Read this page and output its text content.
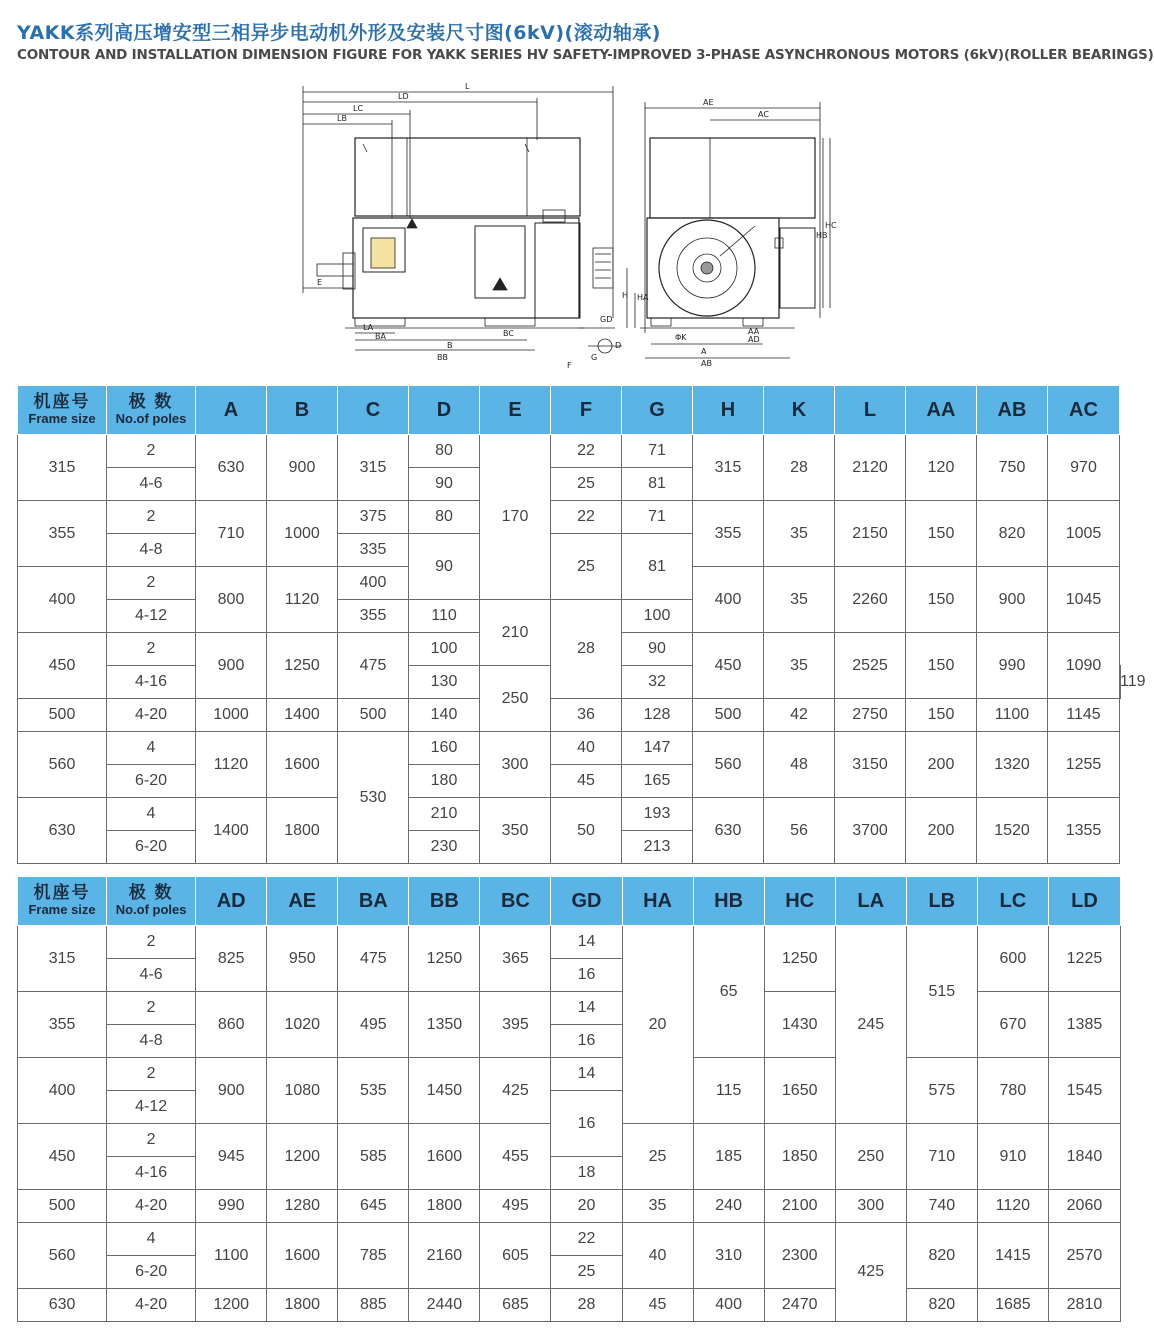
YAKK系列高压增安型三相异步电动机外形及安装尺寸图(6kV)(滚动轴承)
CONTOUR AND INSTALLATION DIMENSION FIGURE FOR YAKK SERIES HV SAFETY-IMPROVED 3-PHASE ASYNCHRONOUS MOTORS (6kV)(ROLLER BEARINGS)
L
LD
LC
LB
E
LA
BA
B
BB
BC
GD
D
G
F
AE
AC
H HA
ΦK
AA
AD
A
AB
HB
HC
机座号
Frame size	极 数
No.of poles	A	B	C	D	E	F	G	H	K	L	AA	AB	AC	
315	2	630	900	315	80	170	22	71	315	28	2120	120	750	970	
	4-6				90		25	81							
355	2	710	1000	375	80		22	71	355	35	2150	150	820	1005	
	4-8			335	90		25	81							
400	2	800	1120	400					400	35	2260	150	900	1045	
	4-12			355	110	210	28	100							
450	2	900	1250	475	100			90	450	35	2525	150	990	1090	
	4-16				130	250		32							119
500	4-20	1000	1400	500	140		36	128	500	42	2750	150	1100	1145	
560	4	1120	1600	530	160	300	40	147	560	48	3150	200	1320	1255	
	6-20				180		45	165							
630	4	1400	1800		210	350	50	193	630	56	3700	200	1520	1355	
	6-20				230			213							
机座号
Frame size	极 数
No.of poles	AD	AE	BA	BB	BC	GD	HA	HB	HC	LA	LB	LC	LD
315	2	825	950	475	1250	365	14	20	65	1250	245	515	600	1225
	4-6						16							
355	2	860	1020	495	1350	395	14			1430			670	1385
	4-8						16							
400	2	900	1080	535	1450	425	14		115	1650		575	780	1545
	4-12						16							
450	2	945	1200	585	1600	455		25	185	1850	250	710	910	1840
	4-16						18							
500	4-20	990	1280	645	1800	495	20	35	240	2100	300	740	1120	2060
560	4	1100	1600	785	2160	605	22	40	310	2300	425	820	1415	2570
	6-20						25							
630	4-20	1200	1800	885	2440	685	28	45	400	2470		820	1685	2810
